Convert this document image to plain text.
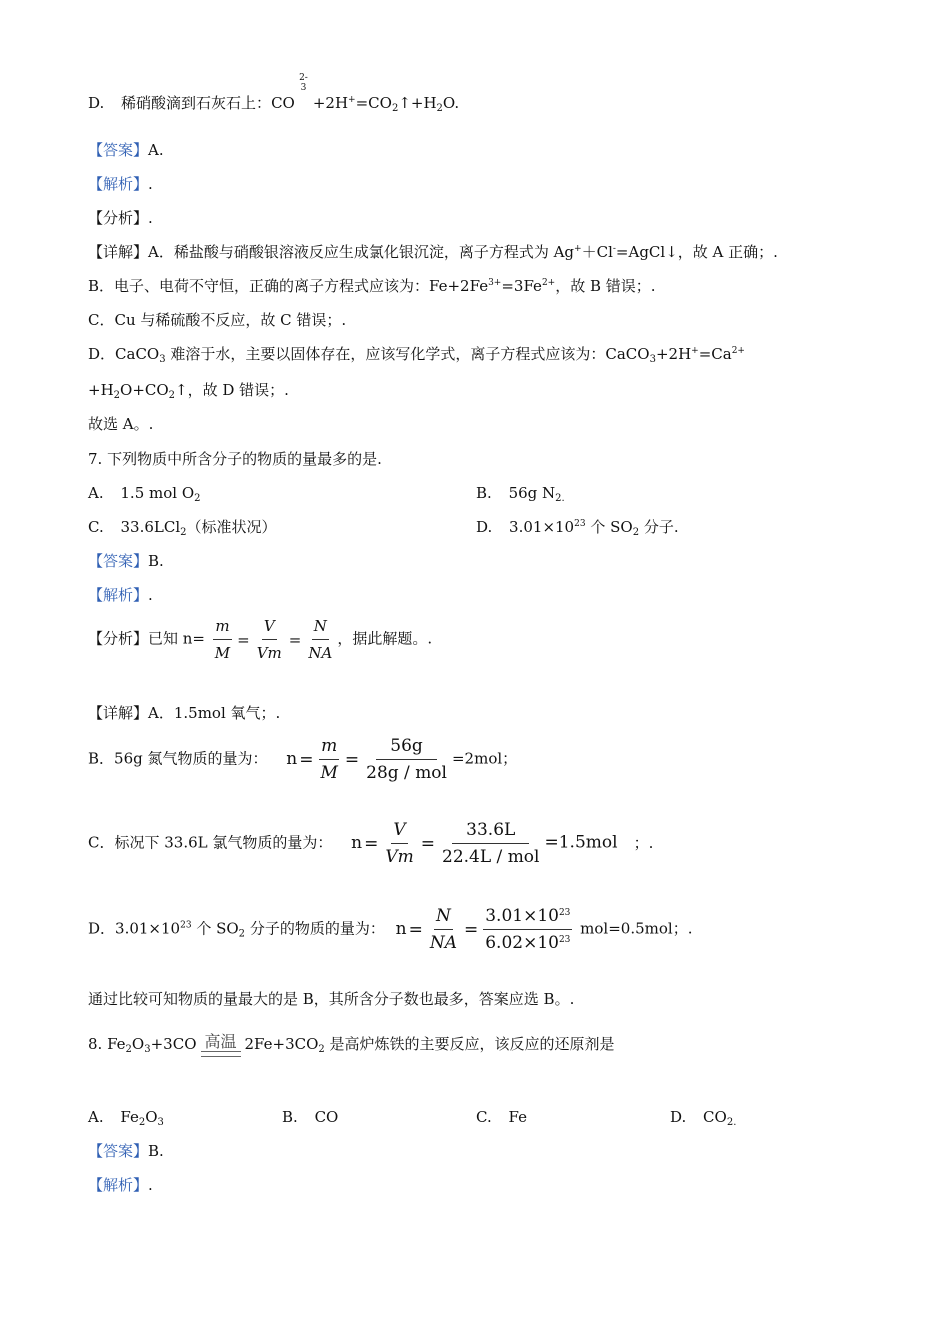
D. 稀硝酸滴到石灰石上：CO
2-
3
$+2H^+=CO_2↑+H_2O$.
【答案】A.
【解析】.
【分析】.
【详解】A．稀盐酸与硝酸银溶液反应生成氯化银沉淀，离子方程式为 Ag+＋Cl-=AgCl↓，故 A 正确；.
B．电子、电荷不守恒，正确的离子方程式应该为：$Fe+2Fe^{3+}=3Fe^{2+}$，故 B 错误；.
C．Cu 与稀硫酸不反应，故 C 错误；.
D．CaCO$_3$ 难溶于水，主要以固体存在，应该写化学式，离子方程式应该为：$CaCO_3+2H^+=Ca^{2+}$
$+H_2O+CO_2↑$，故 D 错误；.
故选 A。.
7. 下列物质中所含分子的物质的量最多的是.
A. 1.5 mol $O_2$	B. 56g $N_{2.}$
C. 33.6LCl$_2$（标准状况）	D. $3.01\times 10^{23}$ 个 $SO_2$ 分子.
【答案】B.
【解析】.
【分析】已知 $n= \frac{m}{M} = \frac{V}{Vm} = \frac{N}{NA}$ ，据此解题。.
【详解】A．1.5mol 氧气；.
B．56g 氮气物质的量为： $n = \frac{m}{M} = \frac{56g}{\text{28g / mol}} =2mol$；
C．标况下 33.6L 氯气物质的量为： $n = \frac{V}{Vm} = \frac{33.6L}{\text{22.4L / mol}} =1.5mol$ ；.
D．$3.01\times 10^{23}$ 个 $SO_2$ 分子的物质的量为： $n = \frac{N}{NA} = \frac{3.01\times 10^{23}}{6.02\times 10^{23}} mol=0.5mol$；.
通过比较可知物质的量最大的是 B，其所含分子数也最多，答案应选 B。.
8. $Fe_2O_3+3CO$ 高温 $2Fe+3CO_2$ 是高炉炼铁的主要反应，该反应的还原剂是
A. $Fe_2O_3$	B. CO	C. Fe	D. $CO_{2.}$
【答案】B.
【解析】.
